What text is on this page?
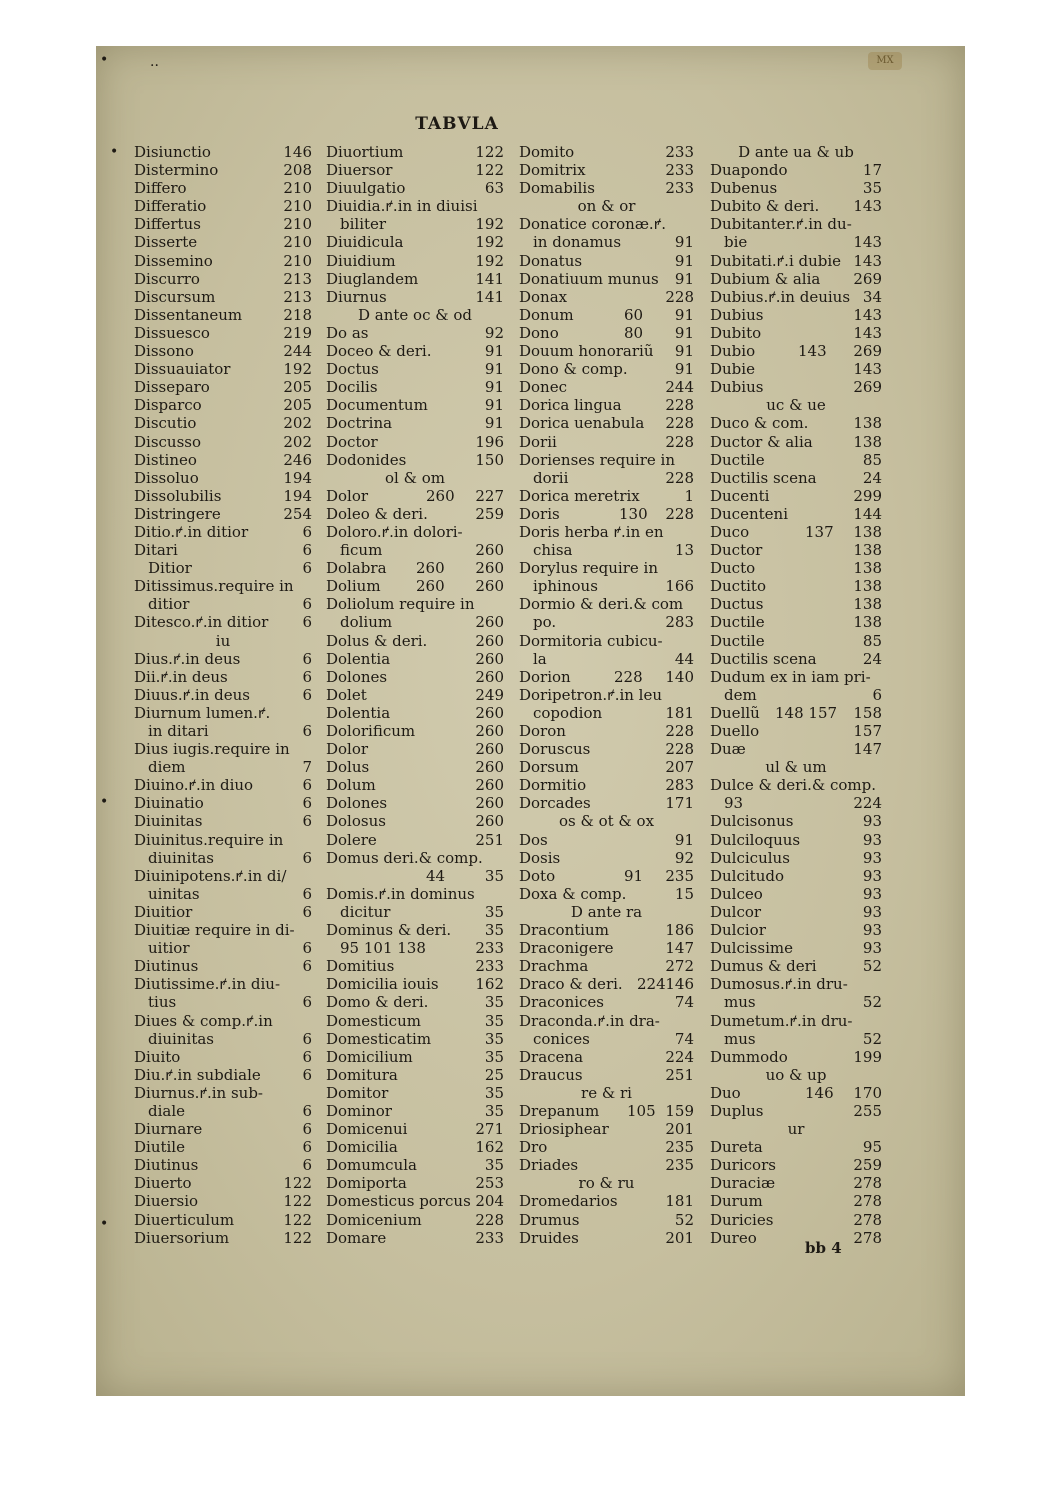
MX
•	··
•
•
•
TABVLA
Disiunctio	146
Distermino	208
Differo	210
Differatio	210
Differtus	210
Disserte	210
Dissemino	210
Discurro	213
Discursum	213
Dissentaneum	218
Dissuesco	219
Dissono	244
Dissuauiator	192
Disseparo	205
Disparco	205
Discutio	202
Discusso	202
Distineo	246
Dissoluo	194
Dissolubilis	194
Distringere	254
Ditio.ꝵ.in ditior	6
Ditari	6
Ditior	6
Ditissimus.require in
ditior	6
Ditesco.ꝵ.in ditior 6
iu
Dius.ꝵ.in deus	6
Dii.ꝵ.in deus	6
Diuus.ꝵ.in deus	6
Diurnum lumen.ꝵ.
in ditari	6
Dius iugis.require in
diem	7
Diuino.ꝵ.in diuo	6
Diuinatio	6
Diuinitas	6
Diuinitus.require in
diuinitas	6
Diuinipotens.ꝵ.in di/
uinitas	6
Diuitior	6
Diuitiæ require in di-
uitior	6
Diutinus	6
Diutissime.ꝵ.in diu-
tius	6
Diues & comp.ꝵ.in
diuinitas	6
Diuito	6
Diu.ꝵ.in subdiale	6
Diurnus.ꝵ.in sub-
diale	6
Diurnare	6
Diutile	6
Diutinus	6
Diuerto	122
Diuersio	122
Diuerticulum	122
Diuersorium	122
Diuortium	122
Diuersor	122
Diuulgatio	63
Diuidia.ꝵ.in in diuisi
biliter	192
Diuidicula	192
Diuidium	192
Diuglandem	141
Diurnus	141
D ante oc & od
Do as	92
Doceo & deri.	91
Doctus	91
Docilis	91
Documentum	91
Doctrina	91
Doctor	196
Dodonides	150
ol & om
Dolor	260 227
Doleo & deri.	259
Doloro.ꝵ.in dolori-
ficum	260
Dolabra 260 260
Dolium 260 260
Doliolum require in
dolium	260
Dolus & deri.	260
Dolentia	260
Dolones	260
Dolet	249
Dolentia	260
Dolorificum	260
Dolor	260
Dolus	260
Dolum	260
Dolones	260
Dolosus	260
Dolere	251
Domus deri.& comp.
44	35
Domis.ꝵ.in dominus
dicitur	35
Dominus & deri. 35
95 101 138	233
Domitius	233
Domicilia iouis 162
Domo & deri.	35
Domesticum	35
Domesticatim	35
Domicilium	35
Domitura	25
Domitor	35
Dominor	35
Domicenui	271
Domicilia	162
Domumcula	35
Domiporta	253
Domesticus porcus 204
Domicenium	228
Domare	233
Domito	233
Domitrix	233
Domabilis	233
on & or
Donatice coronæ.ꝵ.
in donamus	91
Donatus	91
Donatiuum munus 91
Donax	228
Donum	60 91
Dono	80 91
Douum honorariũ 91
Dono & comp.	91
Donec	244
Dorica lingua	228
Dorica uenabula 228
Dorii	228
Dorienses require in
dorii	228
Dorica meretrix	1
Doris	130 228
Doris herba ꝵ.in en
chisa	13
Dorylus require in
iphinous	166
Dormio & deri.& com
po.	283
Dormitoria cubicu-
la	44
Dorion	228 140
Doripetron.ꝵ.in leu
copodion	181
Doron	228
Doruscus	228
Dorsum	207
Dormitio	283
Dorcades	171
os & ot & ox
Dos	91
Dosis	92
Doto	91 235
Doxa & comp.	15
D ante ra
Dracontium	186
Draconigere	147
Drachma	272
Draco & deri. 224 146
Draconices	74
Draconda.ꝵ.in dra-
conices	74
Dracena	224
Draucus	251
re & ri
Drepanum 105 159
Driosiphear	201
Dro	235
Driades	235
ro & ru
Dromedarios	181
Drumus	52
Druides	201
D ante ua & ub
Duapondo	17
Dubenus	35
Dubito & deri. 143
Dubitanter.ꝵ.in du-
bie	143
Dubitati.ꝵ.i dubie 143
Dubium & alia 269
Dubius.ꝵ.in deuius 34
Dubius	143
Dubito	143
Dubio	143 269
Dubie	143
Dubius	269
uc & ue
Duco & com.	138
Ductor & alia	138
Ductile	85
Ductilis scena	24
Ducenti	299
Ducenteni	144
Duco	137 138
Ductor	138
Ducto	138
Ductito	138
Ductus	138
Ductile	138
Ductile	85
Ductilis scena	24
Dudum ex in iam pri-
dem	6
Duellũ 148 157 158
Duello	157
Duæ	147
ul & um
Dulce & deri.& comp.
93	224
Dulcisonus	93
Dulciloquus	93
Dulciculus	93
Dulcitudo	93
Dulceo	93
Dulcor	93
Dulcior	93
Dulcissime	93
Dumus & deri	52
Dumosus.ꝵ.in dru-
mus	52
Dumetum.ꝵ.in dru-
mus	52
Dummodo	199
uo & up
Duo	146 170
Duplus	255
ur
Dureta	95
Duricors	259
Duraciæ	278
Durum	278
Duricies	278
Dureo	278
bb 4
